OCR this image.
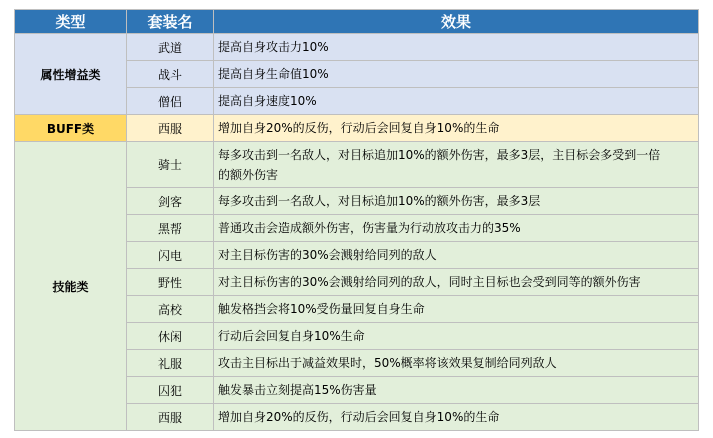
类型	套装名	效果
属性增益类	武道	提高自身攻击力10%
	战斗	提高自身生命值10%
	僧侣	提高自身速度10%
BUFF类	西服	增加自身20%的反伤，行动后会回复自身10%的生命
技能类	骑士	每多攻击到一名敌人，对目标追加10%的额外伤害，最多3层，主目标会多受到一倍
的额外伤害

	剑客	每多攻击到一名敌人，对目标追加10%的额外伤害，最多3层
	黑帮	普通攻击会造成额外伤害，伤害量为行动放攻击力的35%
	闪电	对主目标伤害的30%会溅射给同列的敌人
	野性	对主目标伤害的30%会溅射给同列的敌人，同时主目标也会受到同等的额外伤害
	高校	触发格挡会将10%受伤量回复自身生命
	休闲	行动后会回复自身10%生命
	礼服	攻击主目标出于减益效果时，50%概率将该效果复制给同列敌人
	囚犯	触发暴击立刻提高15%伤害量
	西服	增加自身20%的反伤，行动后会回复自身10%的生命
